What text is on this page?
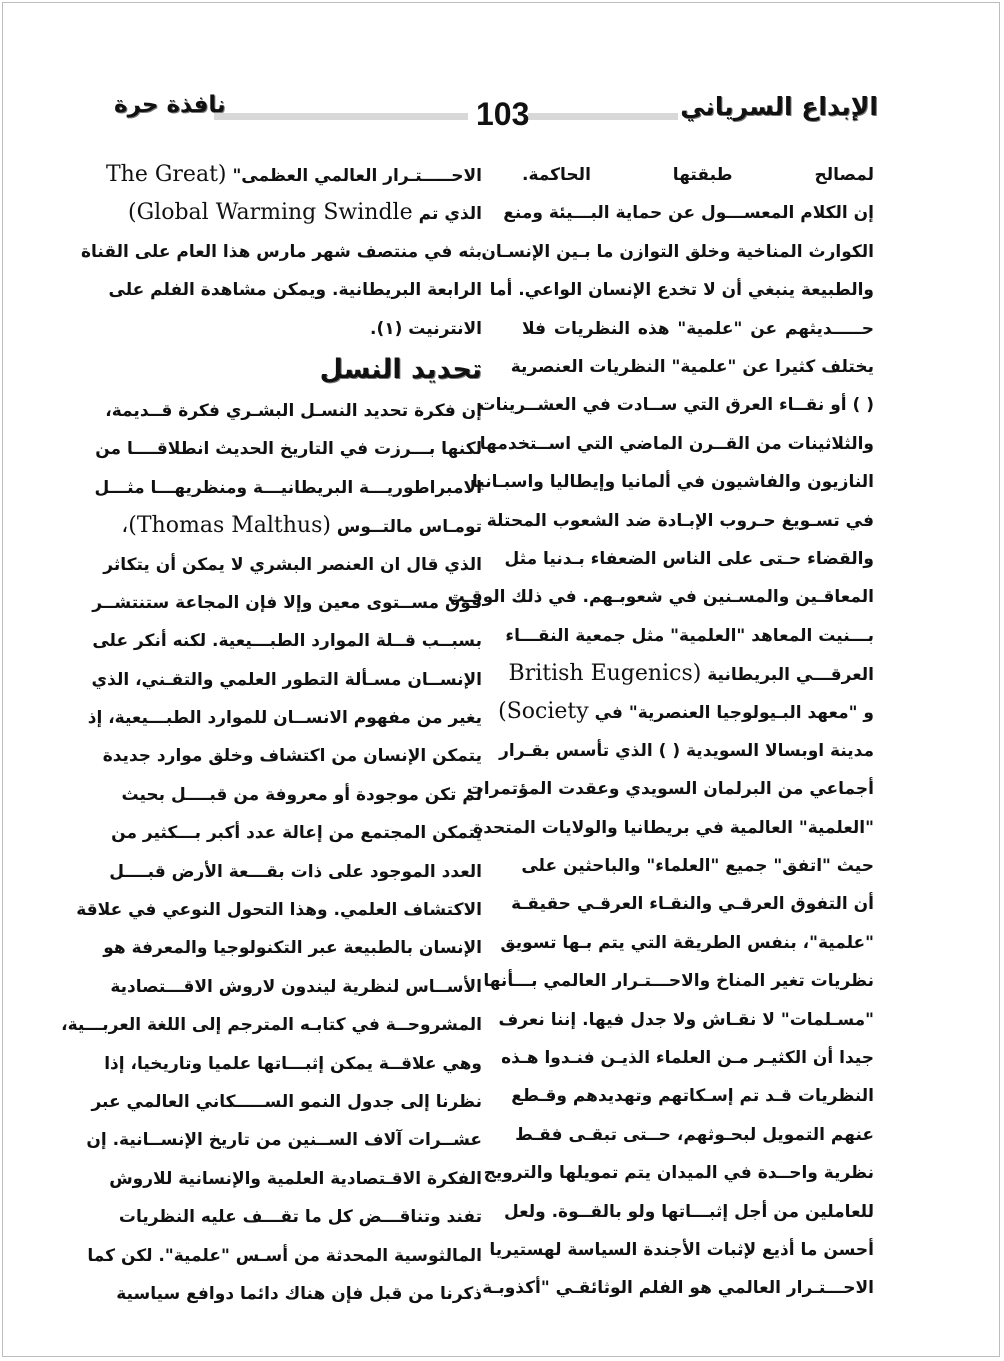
الإبداع السرياني
103
نافذة حرة
لمصالح طبقتها الحاكمة.
إن الكلام المعســـول عن حماية البـــيئة ومنع
الكوارث المناخية وخلق التوازن ما بـين الإنسـان
والطبيعة ينبغي أن لا تخدع الإنسان الواعي. أما
حـــــديثهم عن "علمية" هذه النظريات فلا
يختلف كثيرا عن "علمية" النظريات العنصرية
( ) أو نقــاء العرق التي ســادت في العشــرينات
والثلاثينات من القــرن الماضي التي اســتخدمها
النازيون والفاشيون في ألمانيا وإيطاليا واسبـانيا
في تسـويغ حـروب الإبـادة ضد الشعوب المحتلة
والقضاء حـتى على الناس الضعفاء بـدنيا مثل
المعاقـين والمسـنين في شعوبـهم. في ذلك الوقـت
بـــنيت المعاهد "العلمية" مثل جمعية النقـــاء
العرقـــي البريطانية (British Eugenics
و "معهد البـيولوجيا العنصرية" في Society)
مدينة اوبسالا السويدية ( ) الذي تأسس بقـرار
أجماعي من البرلمان السويدي وعقدت المؤتمرات
"العلمية" العالمية في بريطانيا والولايات المتحدة
حيث "اتفق" جميع "العلماء" والباحثين على
أن التفوق العرقـي والنقـاء العرقـي حقيقـة
"علمية"، بنفس الطريقة التي يتم بـها تسويق
نظريات تغير المناخ والاحـــتـرار العالمي بـــأنها
"مسـلمات" لا نقـاش ولا جدل فيها. إننا نعرف
جيدا أن الكثيـر مـن العلماء الذيـن فنـدوا هـذه
النظريات قـد تم إسـكاتهم وتهديدهم وقـطع
عنهم التمويل لبحـوثهم، حــتى تبقـى فقـط
نظرية واحــدة في الميدان يتم تمويلها والترويج
للعاملين من أجل إثبـــاتها ولو بالقــوة. ولعل
أحسن ما أذيع لإثبات الأجندة السياسة لهستيريا
الاحـــتـرار العالمي هو الفلم الوثائقـي "أكذوبـة
الاحـــــتـرار العالمي العظمى" (The Great
الذي تم Global Warming Swindle)
بثه في منتصف شهر مارس هذا العام على القناة
الرابعة البريطانية. ويمكن مشاهدة الفلم على
الانترنيت (١).
تحديد النسل
إن فكرة تحديد النسـل البشـري فكرة قــديمة،
لكنها بـــرزت في التاريخ الحديث انطلاقــــا من
الامبراطوريـــة البريطانيـــة ومنظريهـــا مثـــل
تومـاس مالتــوس (Thomas Malthus)،
الذي قال ان العنصر البشري لا يمكن أن يتكاثر
فوق مســتوى معين وإلا فإن المجاعة ستنتشــر
بسبــب قــلة الموارد الطبـــيعية. لكنه أنكر على
الإنســان مسـألة التطور العلمي والتقـني، الذي
يغير من مفهوم الانســان للموارد الطبـــيعية، إذ
يتمكن الإنسان من اكتشاف وخلق موارد جديدة
لم تكن موجودة أو معروفة من قبــــل بحيث
يتمكن المجتمع من إعالة عدد أكبر بـــكثير من
العدد الموجود على ذات بقـــعة الأرض قبــــل
الاكتشاف العلمي. وهذا التحول النوعي في علاقة
الإنسان بالطبيعة عبر التكنولوجيا والمعرفة هو
الأســاس لنظرية ليندون لاروش الاقـــتصادية
المشروحــة في كتابـه المترجم إلى اللغة العربـــية،
وهي علاقــة يمكن إثبـــاتها علميا وتاريخيا، إذا
نظرنا إلى جدول النمو الســـــكاني العالمي عبر
عشــرات آلاف الســنين من تاريخ الإنســانية. إن
الفكرة الاقـتصادية العلمية والإنسانية للاروش
تفند وتناقـــض كل ما تقـــف عليه النظريات
المالثوسية المحدثة من أسـس "علمية". لكن كما
ذكرنا من قبل فإن هناك دائما دوافع سياسية
